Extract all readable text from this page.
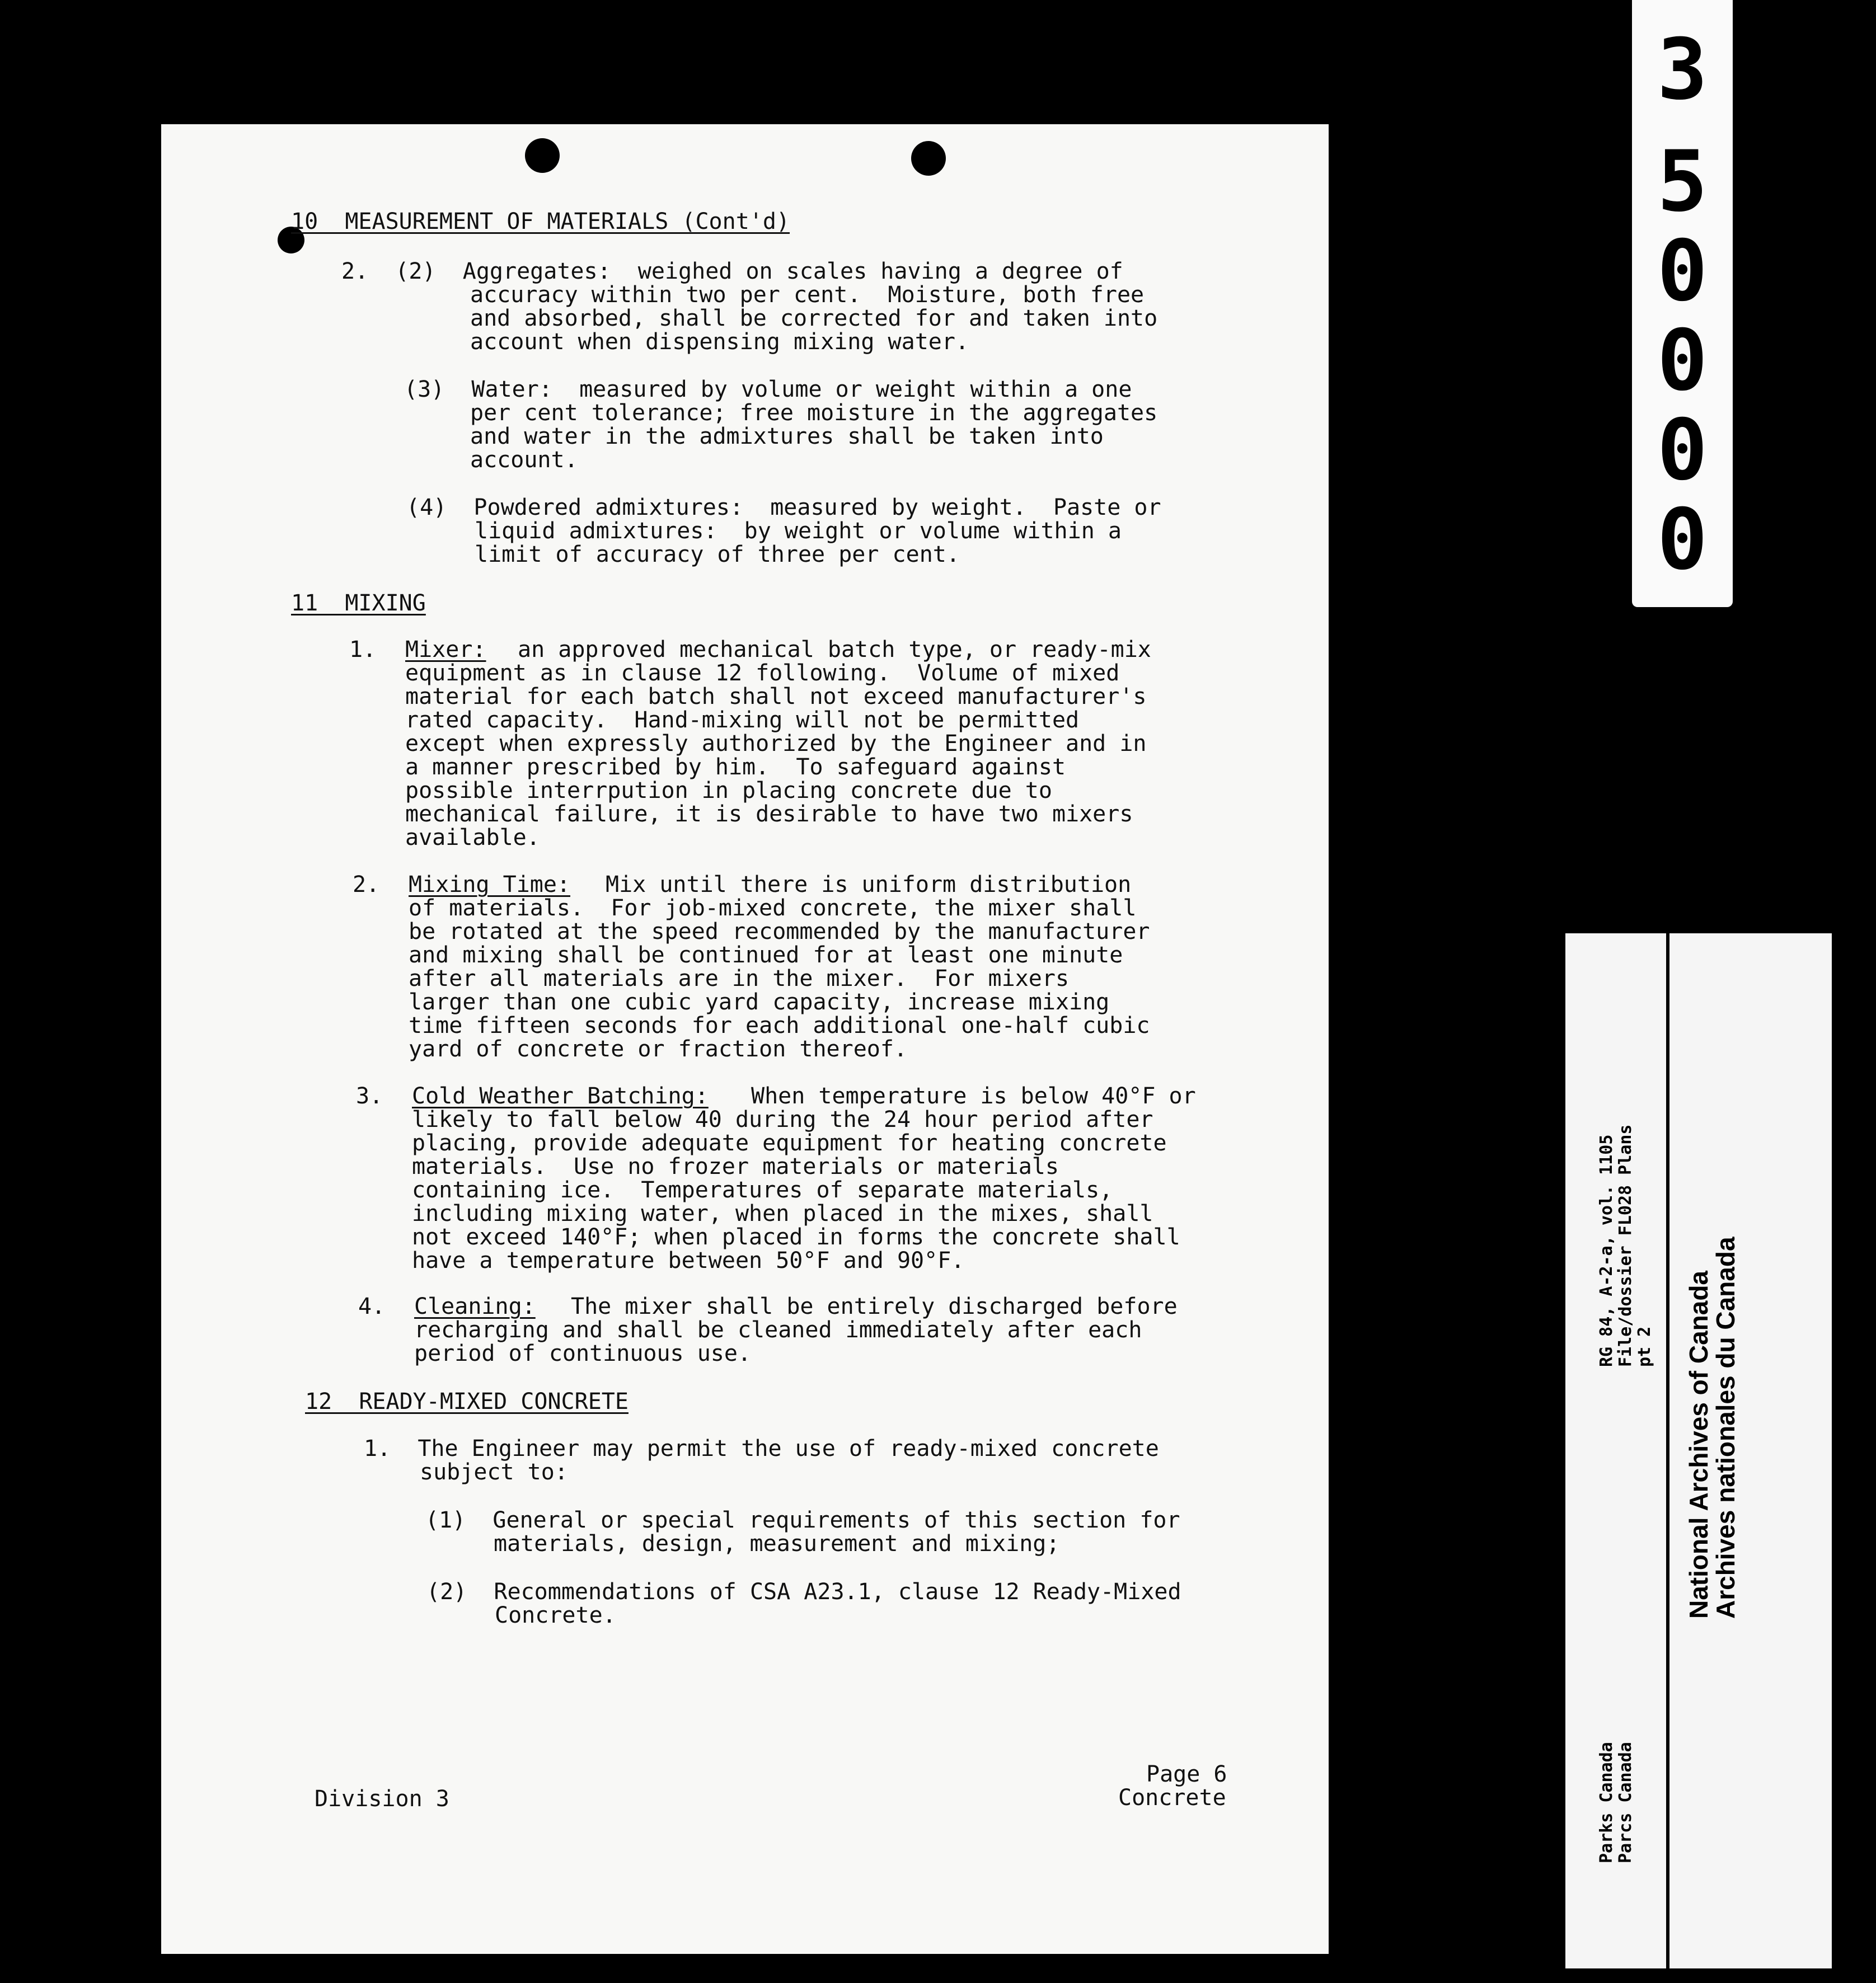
10  MEASUREMENT OF MATERIALS (Cont'd)
2.  (2)  Aggregates:  weighed on scales having a degree of
accuracy within two per cent.  Moisture, both free
and absorbed, shall be corrected for and taken into
account when dispensing mixing water.
(3)  Water:  measured by volume or weight within a one
per cent tolerance; free moisture in the aggregates
and water in the admixtures shall be taken into
account.
(4)  Powdered admixtures:  measured by weight.  Paste or
liquid admixtures:  by weight or volume within a
limit of accuracy of three per cent.
11  MIXING
1. Mixer: an approved mechanical batch type, or ready-mix
equipment as in clause 12 following.  Volume of mixed
material for each batch shall not exceed manufacturer's
rated capacity.  Hand-mixing will not be permitted
except when expressly authorized by the Engineer and in
a manner prescribed by him.  To safeguard against
possible interrpution in placing concrete due to
mechanical failure, it is desirable to have two mixers
available.
2. Mixing Time: Mix until there is uniform distribution
of materials.  For job-mixed concrete, the mixer shall
be rotated at the speed recommended by the manufacturer
and mixing shall be continued for at least one minute
after all materials are in the mixer.  For mixers
larger than one cubic yard capacity, increase mixing
time fifteen seconds for each additional one-half cubic
yard of concrete or fraction thereof.
3. Cold Weather Batching: When temperature is below 40°F or
likely to fall below 40 during the 24 hour period after
placing, provide adequate equipment for heating concrete
materials.  Use no frozer materials or materials
containing ice.  Temperatures of separate materials,
including mixing water, when placed in the mixes, shall
not exceed 140°F; when placed in forms the concrete shall
have a temperature between 50°F and 90°F.
4. Cleaning: The mixer shall be entirely discharged before
recharging and shall be cleaned immediately after each
period of continuous use.
12  READY-MIXED CONCRETE
1.  The Engineer may permit the use of ready-mixed concrete
subject to:
(1)  General or special requirements of this section for
materials, design, measurement and mixing;
(2)  Recommendations of CSA A23.1, clause 12 Ready-Mixed
Concrete.
Page 6
Division 3	Concrete
0
0
0
0
5
3
RG 84, A-2-a, vol. 1105 File/dossier FL028 Plans pt 2
Parks Canada Parcs Canada
National Archives of Canada
Archives nationales du Canada
